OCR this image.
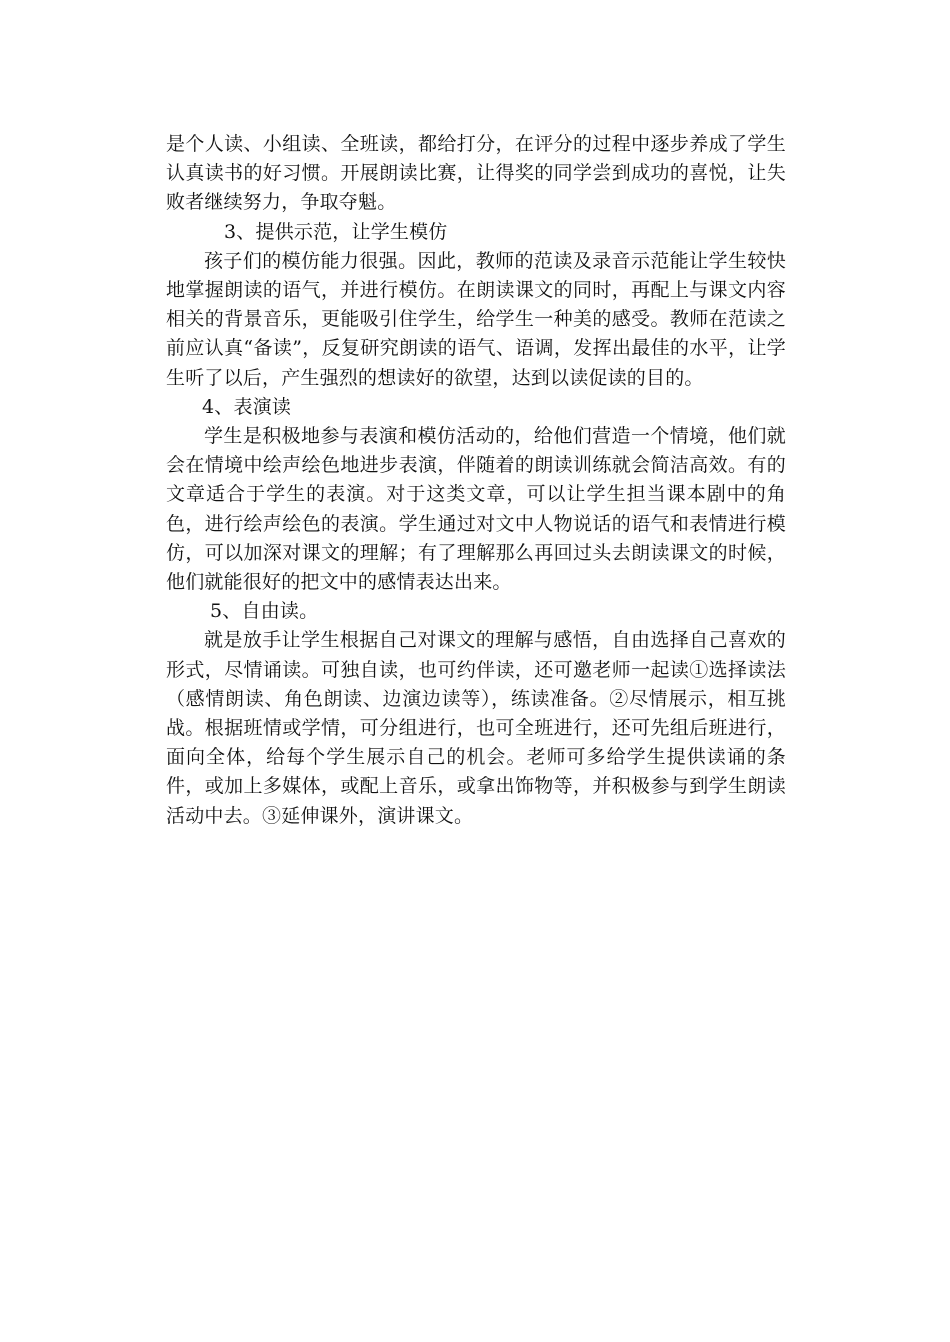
是个人读、小组读、全班读，都给打分，在评分的过程中逐步养成了学生认真读书的好习惯。开展朗读比赛，让得奖的同学尝到成功的喜悦，让失败者继续努力，争取夺魁。

3、提供示范，让学生模仿

孩子们的模仿能力很强。因此，教师的范读及录音示范能让学生较快地掌握朗读的语气，并进行模仿。在朗读课文的同时，再配上与课文内容相关的背景音乐，更能吸引住学生，给学生一种美的感受。教师在范读之前应认真“备读”，反复研究朗读的语气、语调，发挥出最佳的水平，让学生听了以后，产生强烈的想读好的欲望，达到以读促读的目的。

4、表演读

学生是积极地参与表演和模仿活动的，给他们营造一个情境，他们就会在情境中绘声绘色地进步表演，伴随着的朗读训练就会简洁高效。有的文章适合于学生的表演。对于这类文章，可以让学生担当课本剧中的角色，进行绘声绘色的表演。学生通过对文中人物说话的语气和表情进行模仿，可以加深对课文的理解；有了理解那么再回过头去朗读课文的时候，他们就能很好的把文中的感情表达出来。

5、自由读。

就是放手让学生根据自己对课文的理解与感悟，自由选择自己喜欢的形式，尽情诵读。可独自读，也可约伴读，还可邀老师一起读①选择读法（感情朗读、角色朗读、边演边读等），练读准备。②尽情展示，相互挑战。根据班情或学情，可分组进行，也可全班进行，还可先组后班进行，面向全体，给每个学生展示自己的机会。老师可多给学生提供读诵的条件，或加上多媒体，或配上音乐，或拿出饰物等，并积极参与到学生朗读活动中去。③延伸课外，演讲课文。
